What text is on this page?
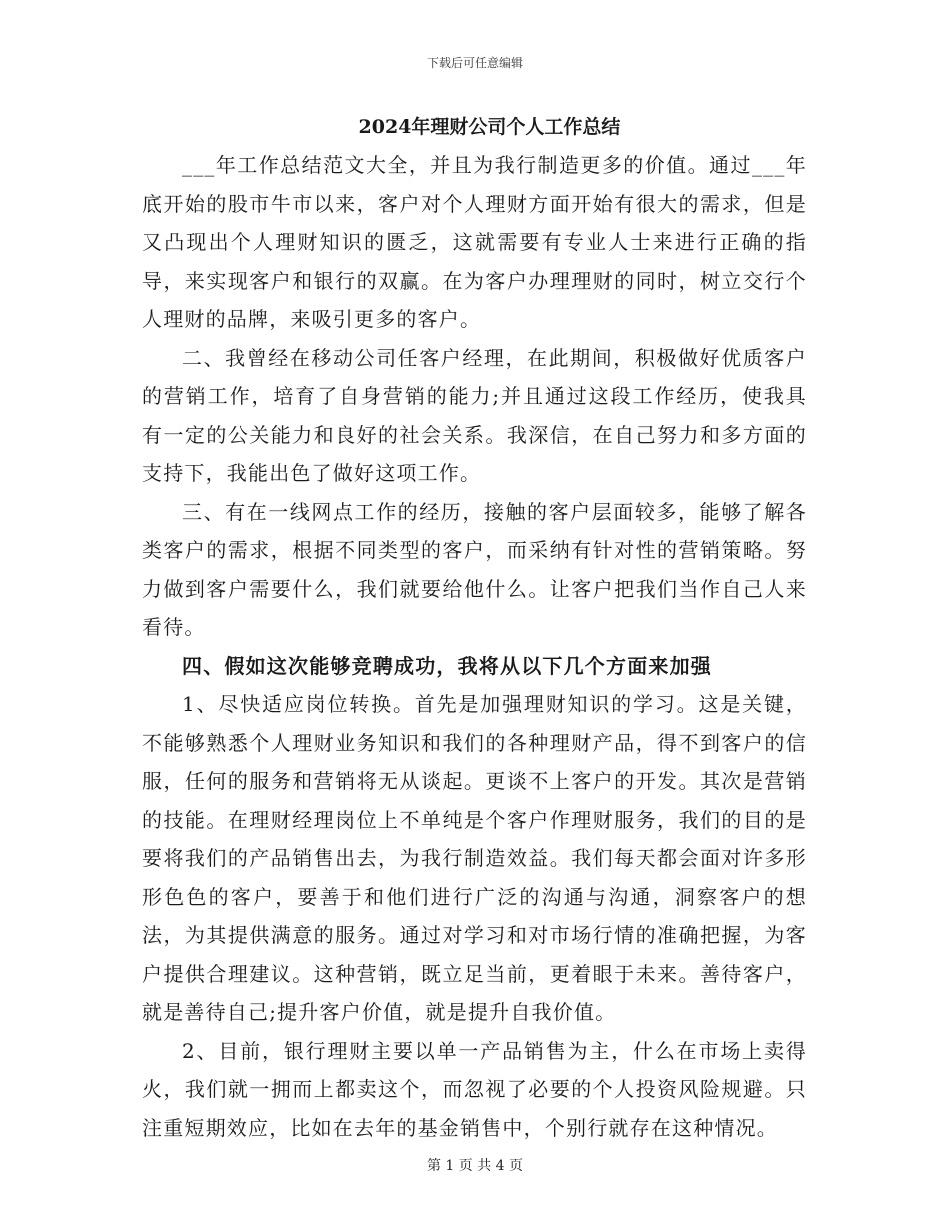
下载后可任意编辑
2024年理财公司个人工作总结

___年工作总结范文大全，并且为我行制造更多的价值。通过___年底开始的股市牛市以来，客户对个人理财方面开始有很大的需求，但是又凸现出个人理财知识的匮乏，这就需要有专业人士来进行正确的指导，来实现客户和银行的双赢。在为客户办理理财的同时，树立交行个人理财的品牌，来吸引更多的客户。

二、我曾经在移动公司任客户经理，在此期间，积极做好优质客户的营销工作，培育了自身营销的能力;并且通过这段工作经历，使我具有一定的公关能力和良好的社会关系。我深信，在自己努力和多方面的支持下，我能出色了做好这项工作。

三、有在一线网点工作的经历，接触的客户层面较多，能够了解各类客户的需求，根据不同类型的客户，而采纳有针对性的营销策略。努力做到客户需要什么，我们就要给他什么。让客户把我们当作自己人来看待。

四、假如这次能够竞聘成功，我将从以下几个方面来加强

1、尽快适应岗位转换。首先是加强理财知识的学习。这是关键，不能够熟悉个人理财业务知识和我们的各种理财产品，得不到客户的信服，任何的服务和营销将无从谈起。更谈不上客户的开发。其次是营销的技能。在理财经理岗位上不单纯是个客户作理财服务，我们的目的是要将我们的产品销售出去，为我行制造效益。我们每天都会面对许多形形色色的客户，要善于和他们进行广泛的沟通与沟通，洞察客户的想法，为其提供满意的服务。通过对学习和对市场行情的准确把握，为客户提供合理建议。这种营销，既立足当前，更着眼于未来。善待客户，就是善待自己;提升客户价值，就是提升自我价值。

2、目前，银行理财主要以单一产品销售为主，什么在市场上卖得火，我们就一拥而上都卖这个，而忽视了必要的个人投资风险规避。只注重短期效应，比如在去年的基金销售中，个别行就存在这种情况。

第 1 页 共 4 页
